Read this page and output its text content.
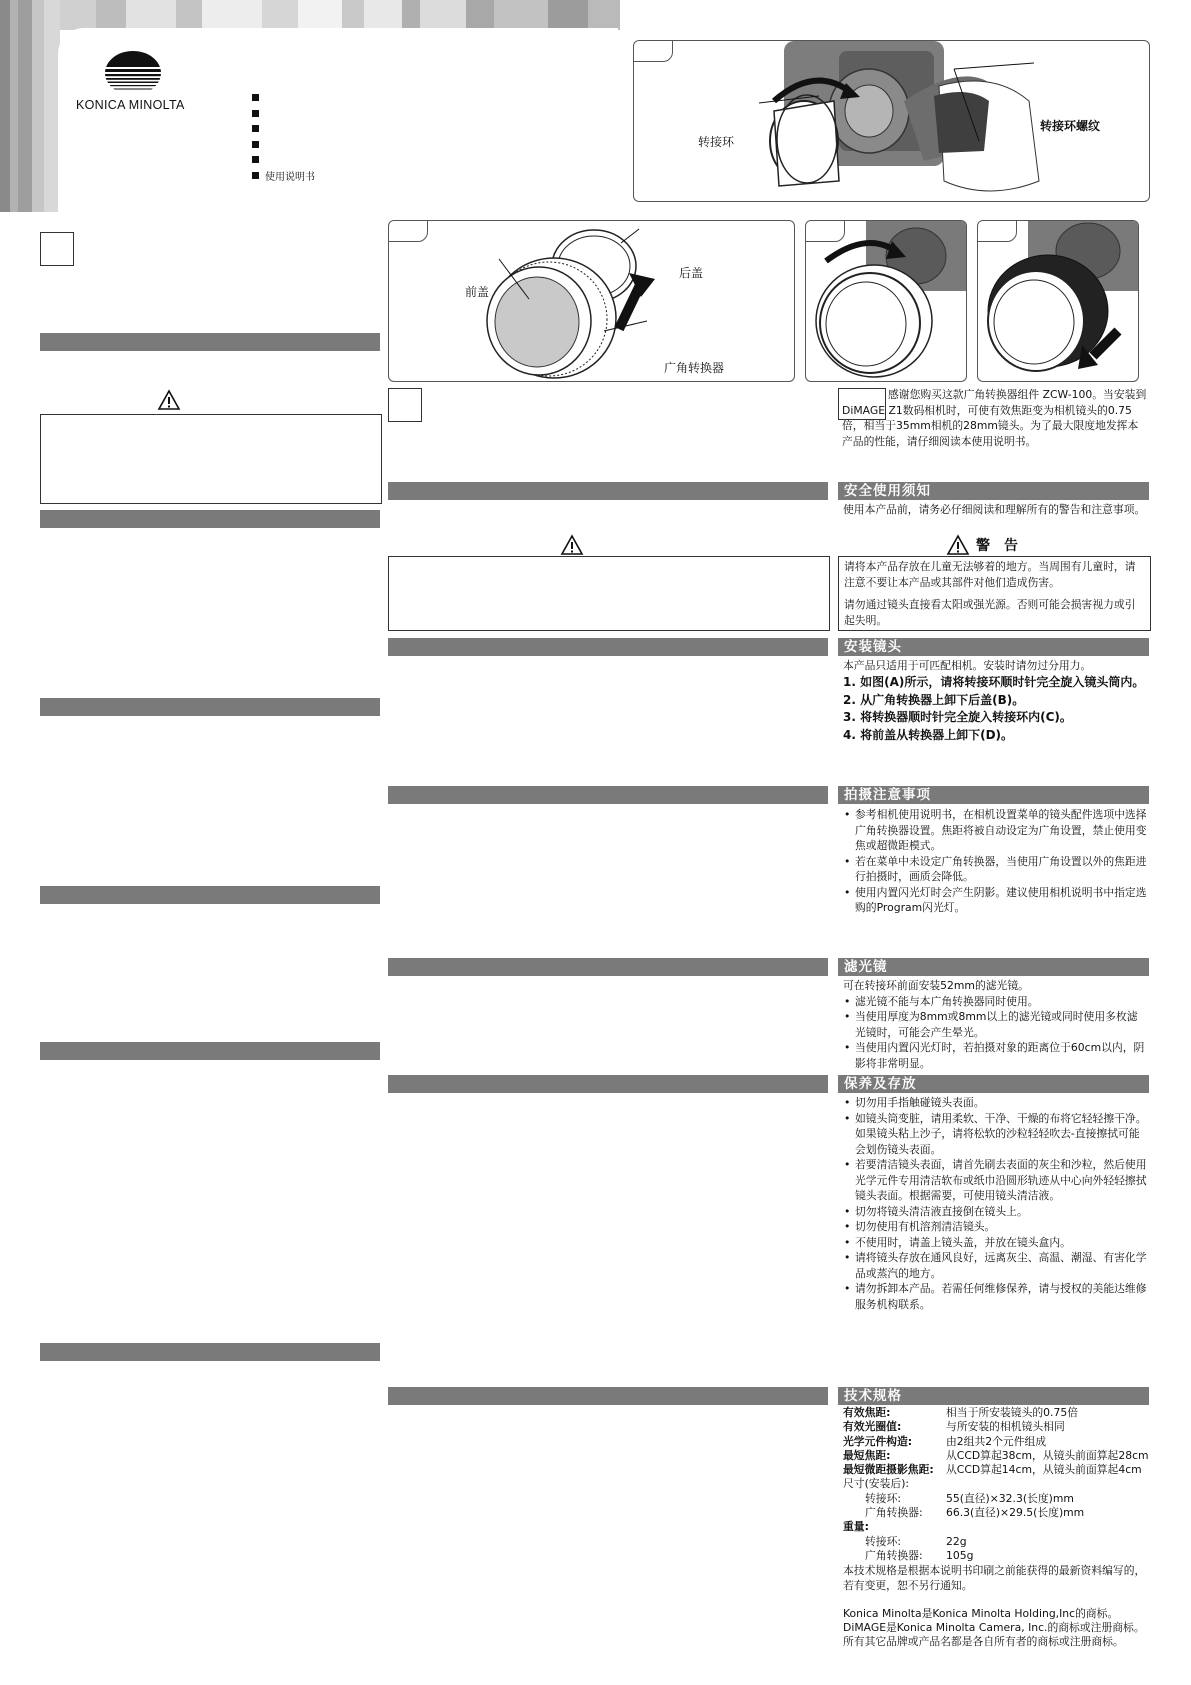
KONICA MINOLTA
使用说明书
转接环
转接环螺纹
前盖
后盖
广角转换器
感谢您购买这款广角转换器组件 ZCW-100。当安装到DiMAGE Z1数码相机时，可使有效焦距变为相机镜头的0.75倍，相当于35mm相机的28mm镜头。为了最大限度地发挥本产品的性能，请仔细阅读本使用说明书。
安全使用须知
使用本产品前，请务必仔细阅读和理解所有的警告和注意事项。
警　告
请将本产品存放在儿童无法够着的地方。当周围有儿童时，请注意不要让本产品或其部件对他们造成伤害。
请勿通过镜头直接看太阳或强光源。否则可能会损害视力或引起失明。
安装镜头
本产品只适用于可匹配相机。安装时请勿过分用力。
1. 如图(A)所示，请将转接环顺时针完全旋入镜头筒内。
2. 从广角转换器上卸下后盖(B)。
3. 将转换器顺时针完全旋入转接环内(C)。
4. 将前盖从转换器上卸下(D)。
拍摄注意事项
• 参考相机使用说明书，在相机设置菜单的镜头配件选项中选择广角转换器设置。焦距将被自动设定为广角设置，禁止使用变焦或超微距模式。
• 若在菜单中未设定广角转换器，当使用广角设置以外的焦距进行拍摄时，画质会降低。
• 使用内置闪光灯时会产生阴影。建议使用相机说明书中指定选购的Program闪光灯。
滤光镜
可在转接环前面安装52mm的滤光镜。
• 滤光镜不能与本广角转换器同时使用。
• 当使用厚度为8mm或8mm以上的滤光镜或同时使用多枚滤光镜时，可能会产生晕光。
• 当使用内置闪光灯时，若拍摄对象的距离位于60cm以内，阴影将非常明显。
保养及存放
• 切勿用手指触碰镜头表面。
• 如镜头筒变脏，请用柔软、干净、干燥的布将它轻轻擦干净。如果镜头粘上沙子，请将松软的沙粒轻轻吹去-直接擦拭可能会划伤镜头表面。
• 若要清洁镜头表面，请首先刷去表面的灰尘和沙粒，然后使用光学元件专用清洁软布或纸巾沿圆形轨迹从中心向外轻轻擦拭镜头表面。根据需要，可使用镜头清洁液。
• 切勿将镜头清洁液直接倒在镜头上。
• 切勿使用有机溶剂清洁镜头。
• 不使用时，请盖上镜头盖，并放在镜头盒内。
• 请将镜头存放在通风良好，远离灰尘、高温、潮湿、有害化学品或蒸汽的地方。
• 请勿拆卸本产品。若需任何维修保养，请与授权的美能达维修服务机构联系。
技术规格
有效焦距:	相当于所安装镜头的0.75倍
有效光圈值:	与所安装的相机镜头相同
光学元件构造:	由2组共2个元件组成
最短焦距:	从CCD算起38cm，从镜头前面算起28cm
最短微距摄影焦距:	从CCD算起14cm，从镜头前面算起4cm
尺寸(安装后):
转接环:	55(直径)×32.3(长度)mm
广角转换器:	66.3(直径)×29.5(长度)mm
重量:
转接环:	22g
广角转换器:	105g
本技术规格是根据本说明书印刷之前能获得的最新资料编写的，若有变更，恕不另行通知。
Konica Minolta是Konica Minolta Holding,Inc的商标。
DiMAGE是Konica Minolta Camera, Inc.的商标或注册商标。
所有其它品牌或产品名都是各自所有者的商标或注册商标。
